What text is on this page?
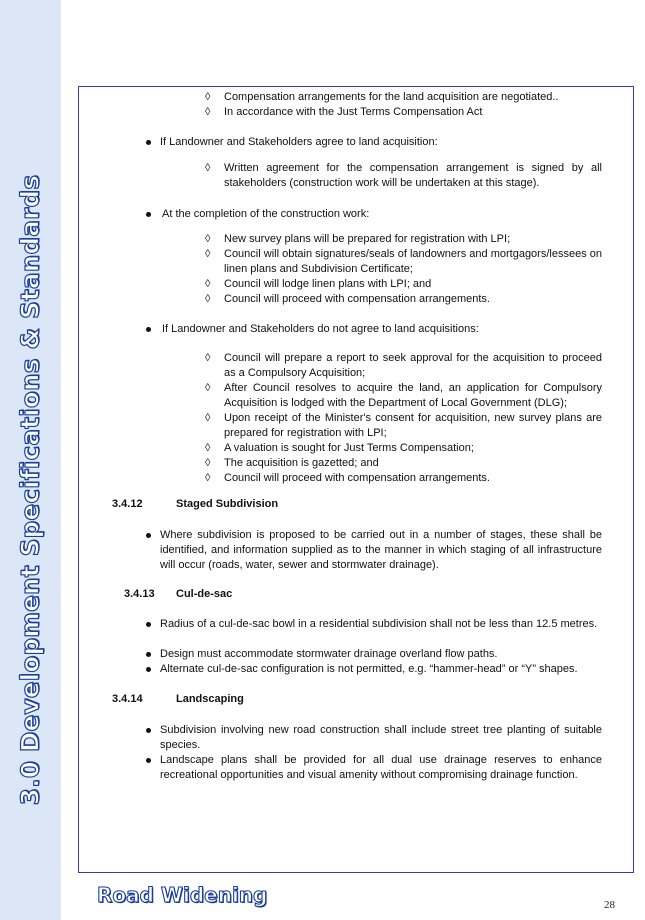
3.0 Development Specifications & Standards
◊ Compensation arrangements for the land acquisition are negotiated..
◊ In accordance with the Just Terms Compensation Act
If Landowner and Stakeholders agree to land acquisition:
◊ Written agreement for the compensation arrangement is signed by all stakeholders (construction work will be undertaken at this stage).
At the completion of the construction work:
◊ New survey plans will be prepared for registration with LPI;
◊ Council will obtain signatures/seals of landowners and mortgagors/lessees on linen plans and Subdivision Certificate;
◊ Council will lodge linen plans with LPI; and
◊ Council will proceed with compensation arrangements.
If Landowner and Stakeholders do not agree to land acquisitions:
◊ Council will prepare a report to seek approval for the acquisition to proceed as a Compulsory Acquisition;
◊ After Council resolves to acquire the land, an application for Compulsory Acquisition is lodged with the Department of Local Government (DLG);
◊ Upon receipt of the Minister's consent for acquisition, new survey plans are prepared for registration with LPI;
◊ A valuation is sought for Just Terms Compensation;
◊ The acquisition is gazetted; and
◊ Council will proceed with compensation arrangements.
3.4.12	Staged Subdivision
Where subdivision is proposed to be carried out in a number of stages, these shall be identified, and information supplied as to the manner in which staging of all infrastructure will occur (roads, water, sewer and stormwater drainage).
3.4.13 Cul-de-sac
Radius of a cul-de-sac bowl in a residential subdivision shall not be less than 12.5 metres.
Design must accommodate stormwater drainage overland flow paths.
Alternate cul-de-sac configuration is not permitted, e.g. “hammer-head” or “Y” shapes.
3.4.14	Landscaping
Subdivision involving new road construction shall include street tree planting of suitable species.
Landscape plans shall be provided for all dual use drainage reserves to enhance recreational opportunities and visual amenity without compromising drainage function.
Road Widening	28
